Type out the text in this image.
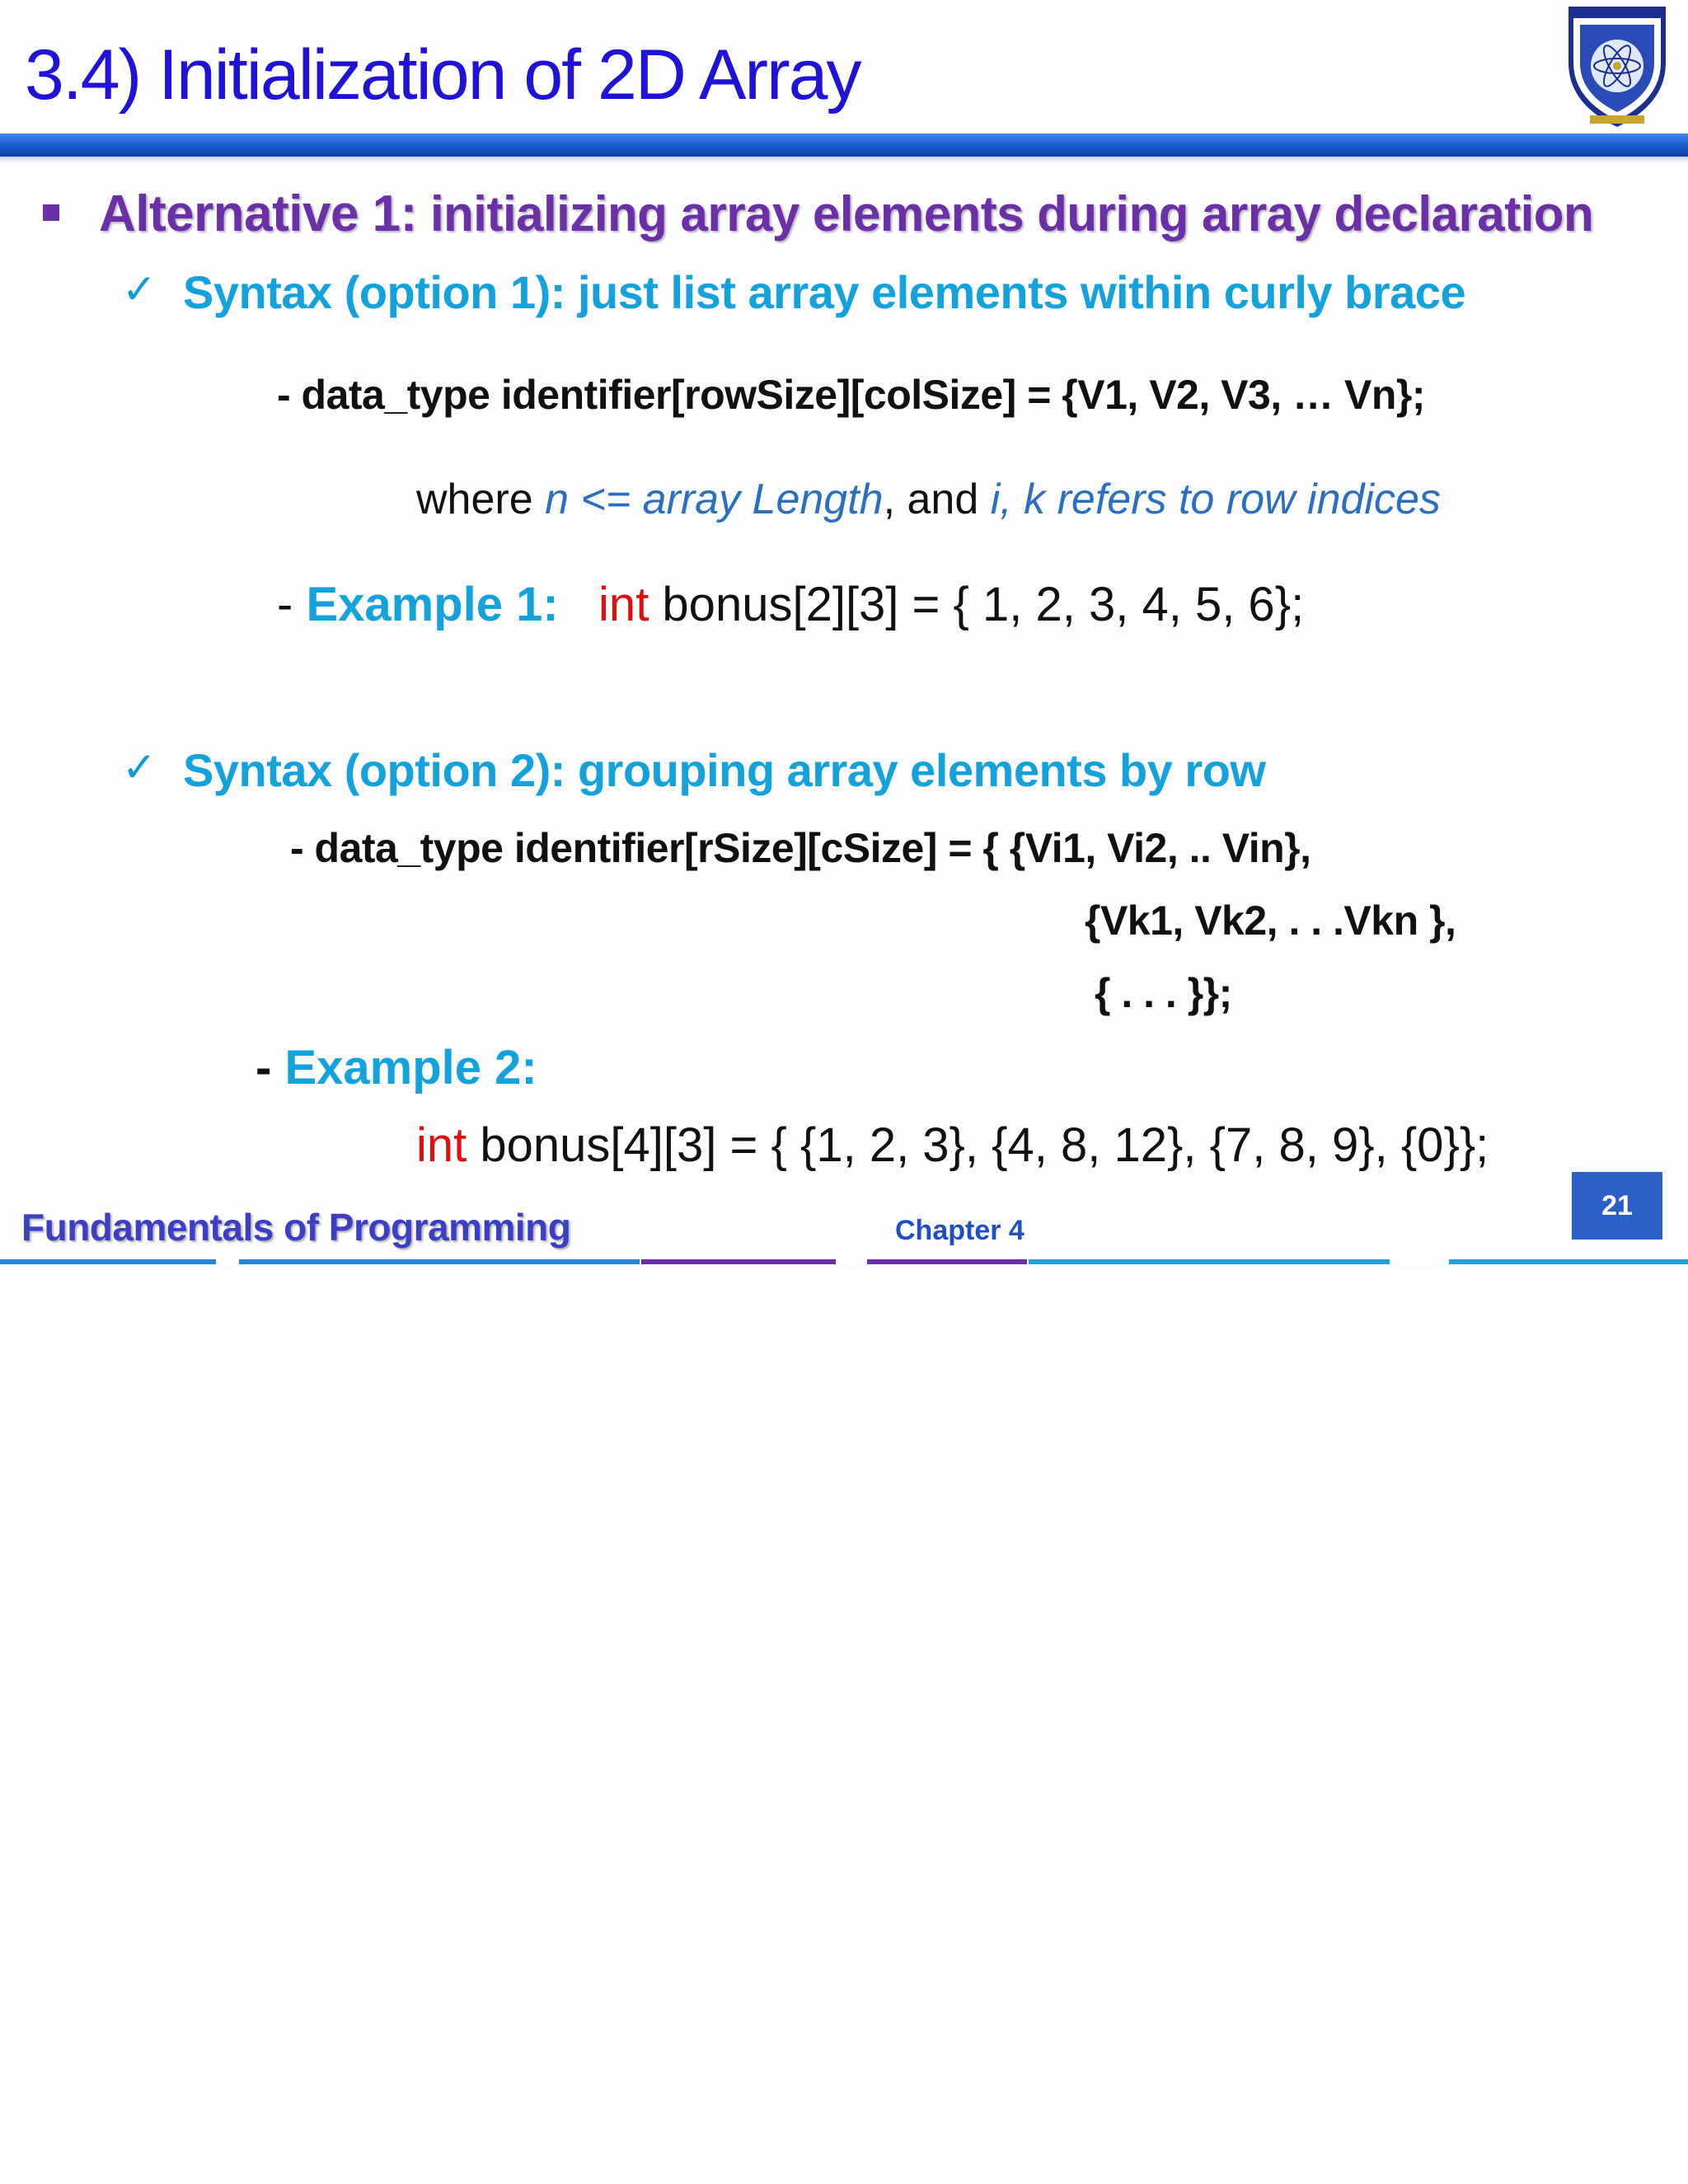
3.4) Initialization of 2D Array
Alternative 1: initializing array elements during array declaration
✓ Syntax (option 1): just list array elements within curly brace
- data_type identifier[rowSize][colSize] = {V1, V2, V3, … Vn};
where n <= array Length, and i, k refers to row indices
- Example 1: int bonus[2][3] = { 1, 2, 3, 4, 5, 6};
✓ Syntax (option 2): grouping array elements by row
- data_type identifier[rSize][cSize] = { {Vi1, Vi2, .. Vin},
{Vk1, Vk2, . . .Vkn },
{ . . . }};
- Example 2:
int bonus[4][3] = { {1, 2, 3}, {4, 8, 12}, {7, 8, 9}, {0}};
Fundamentals of Programming	Chapter 4
21
